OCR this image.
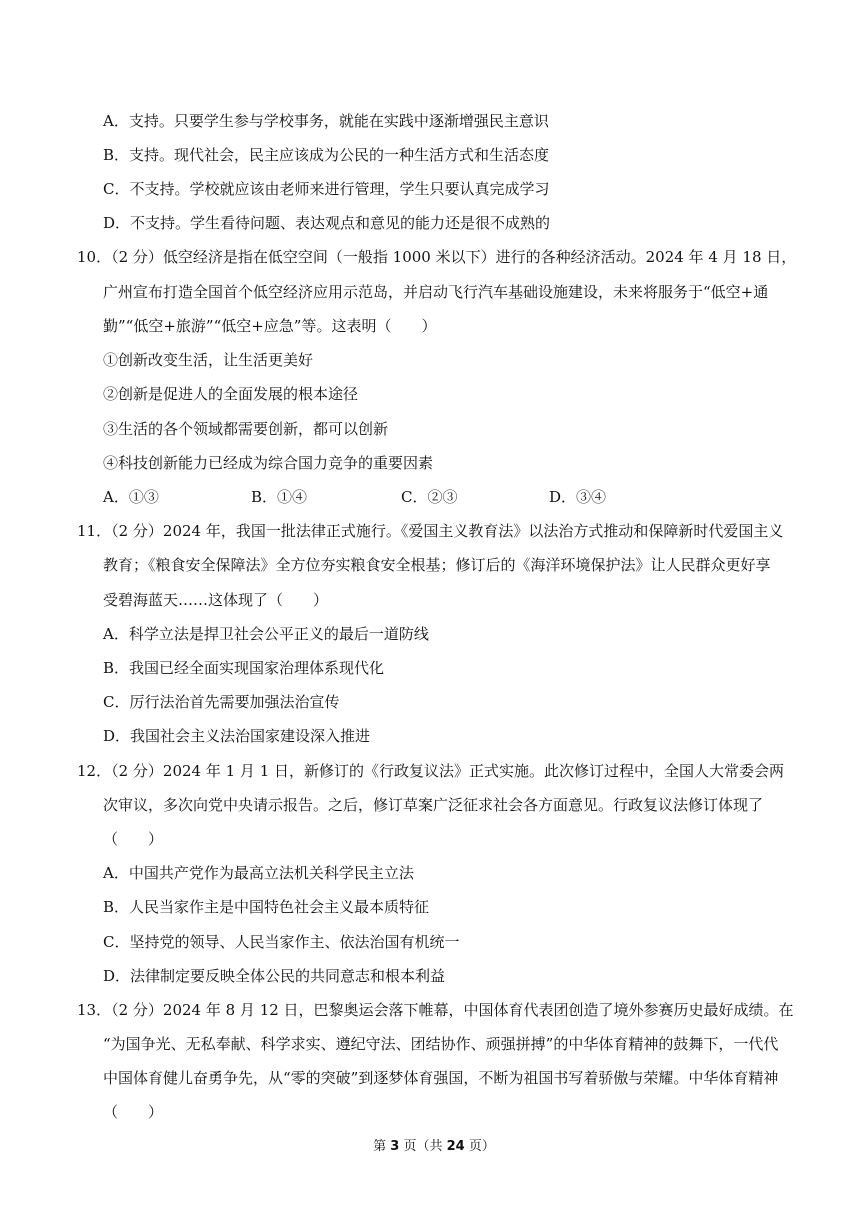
A．支持。只要学生参与学校事务，就能在实践中逐渐增强民主意识
B．支持。现代社会，民主应该成为公民的一种生活方式和生活态度
C．不支持。学校就应该由老师来进行管理，学生只要认真完成学习
D．不支持。学生看待问题、表达观点和意见的能力还是很不成熟的
10．（2 分）低空经济是指在低空空间（一般指 1000 米以下）进行的各种经济活动。2024 年 4 月 18 日，
广州宣布打造全国首个低空经济应用示范岛，并启动飞行汽车基础设施建设，未来将服务于“低空+通
勤”“低空+旅游”“低空+应急”等。这表明（　　）
①创新改变生活，让生活更美好
②创新是促进人的全面发展的根本途径
③生活的各个领域都需要创新，都可以创新
④科技创新能力已经成为综合国力竞争的重要因素
A．①③	B．①④	C．②③	D．③④
11．（2 分）2024 年，我国一批法律正式施行。《爱国主义教育法》以法治方式推动和保障新时代爱国主义
教育；《粮食安全保障法》全方位夯实粮食安全根基；修订后的《海洋环境保护法》让人民群众更好享
受碧海蓝天……这体现了（　　）
A．科学立法是捍卫社会公平正义的最后一道防线
B．我国已经全面实现国家治理体系现代化
C．厉行法治首先需要加强法治宣传
D．我国社会主义法治国家建设深入推进
12．（2 分）2024 年 1 月 1 日，新修订的《行政复议法》正式实施。此次修订过程中，全国人大常委会两
次审议，多次向党中央请示报告。之后，修订草案广泛征求社会各方面意见。行政复议法修订体现了
（　　）
A．中国共产党作为最高立法机关科学民主立法
B．人民当家作主是中国特色社会主义最本质特征
C．坚持党的领导、人民当家作主、依法治国有机统一
D．法律制定要反映全体公民的共同意志和根本利益
13．（2 分）2024 年 8 月 12 日，巴黎奥运会落下帷幕，中国体育代表团创造了境外参赛历史最好成绩。在
“为国争光、无私奉献、科学求实、遵纪守法、团结协作、顽强拼搏”的中华体育精神的鼓舞下，一代代
中国体育健儿奋勇争先，从“零的突破”到逐梦体育强国，不断为祖国书写着骄傲与荣耀。中华体育精神
（　　）
第 3 页（共 24 页）
